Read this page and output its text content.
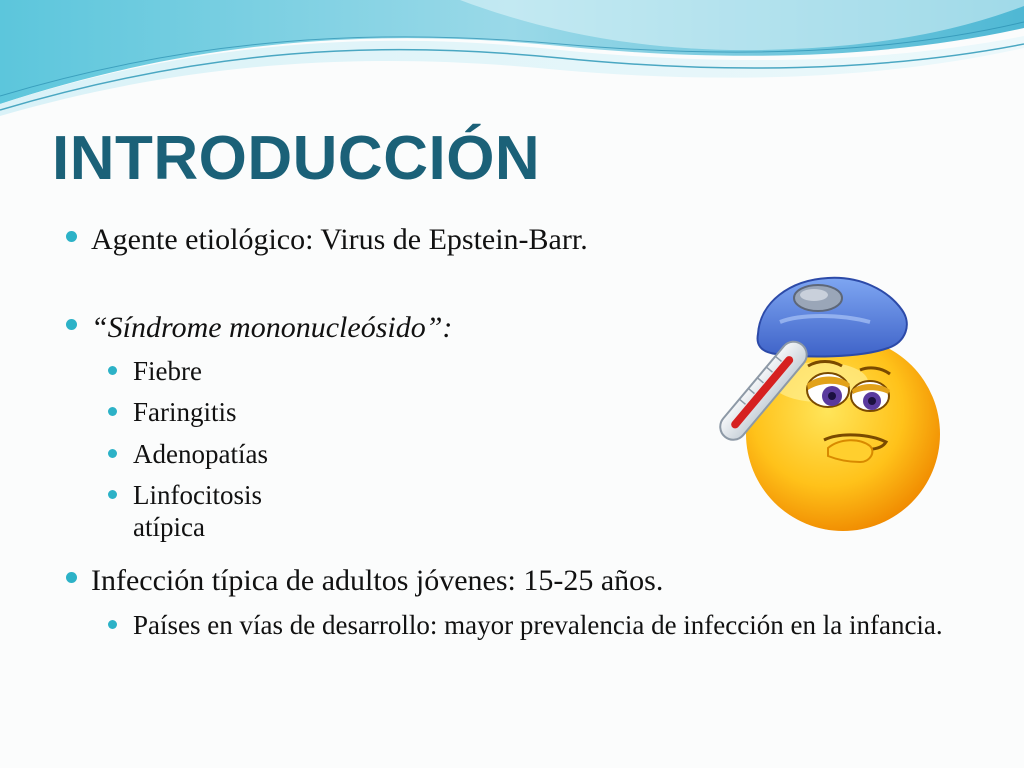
INTRODUCCIÓN
Agente etiológico: Virus de Epstein-Barr.
“Síndrome mononucleósido”:
Fiebre
Faringitis
Adenopatías
Linfocitosis atípica
Infección típica de adultos jóvenes: 15-25 años.
Países en vías de desarrollo: mayor prevalencia de infección en la infancia.
